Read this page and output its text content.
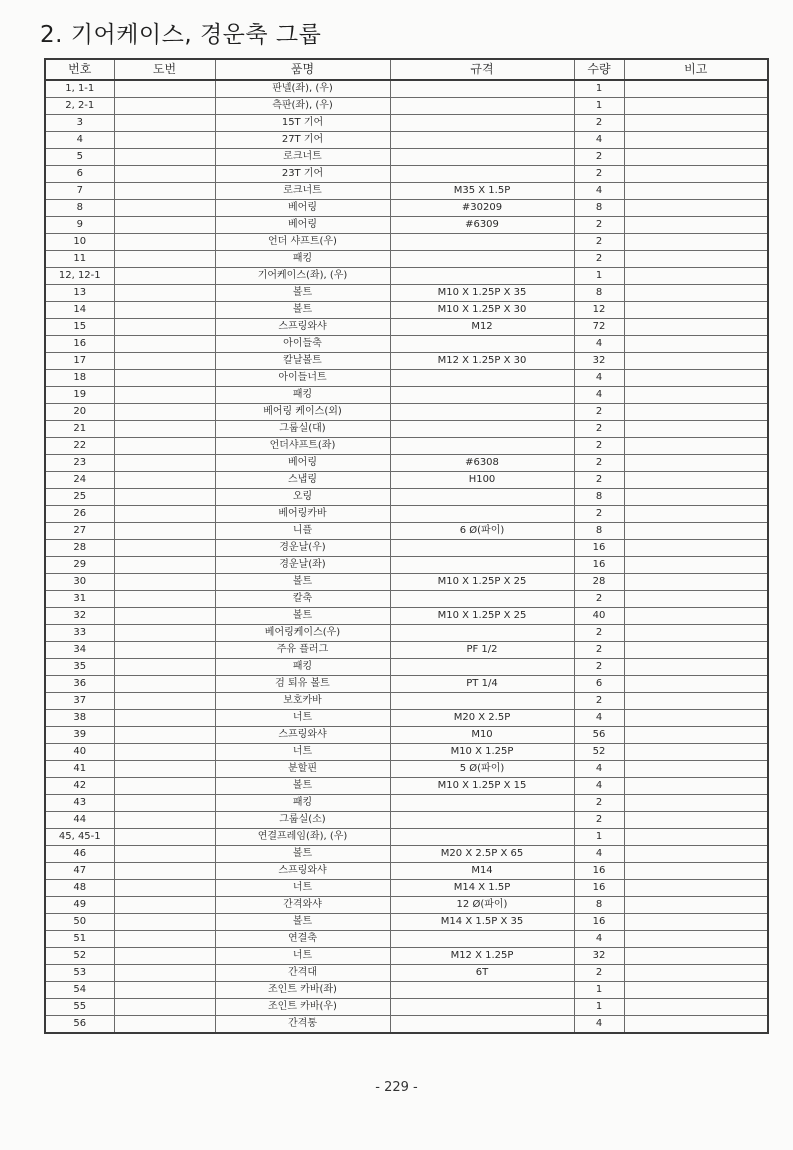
2. 기어케이스, 경운축 그룹
번호	도번	품명	규격	수량	비고
1, 1-1		판넬(좌), (우)		1	
2, 2-1		측판(좌), (우)		1	
3		15T 기어		2	
4		27T 기어		4	
5		로크너트		2	
6		23T 기어		2	
7		로크너트	M35 X 1.5P	4	
8		베어링	#30209	8	
9		베어링	#6309	2	
10		언더 샤프트(우)		2	
11		패킹		2	
12, 12-1		기어케이스(좌), (우)		1	
13		볼트	M10 X 1.25P X 35	8	
14		볼트	M10 X 1.25P X 30	12	
15		스프링와샤	M12	72	
16		아이들축		4	
17		칼날볼트	M12 X 1.25P X 30	32	
18		아이들너트		4	
19		패킹		4	
20		베어링 케이스(외)		2	
21		그룹실(대)		2	
22		언더샤프트(좌)		2	
23		베어링	#6308	2	
24		스냅링	H100	2	
25		오링		8	
26		베어링카바		2	
27		니플	6 Ø(파이)	8	
28		경운날(우)		16	
29		경운날(좌)		16	
30		볼트	M10 X 1.25P X 25	28	
31		칼축		2	
32		볼트	M10 X 1.25P X 25	40	
33		베어링케이스(우)		2	
34		주유 플러그	PF 1/2	2	
35		패킹		2	
36		검 퇴유 볼트	PT 1/4	6	
37		보호카바		2	
38		너트	M20 X 2.5P	4	
39		스프링와샤	M10	56	
40		너트	M10 X 1.25P	52	
41		분할핀	5 Ø(파이)	4	
42		볼트	M10 X 1.25P X 15	4	
43		패킹		2	
44		그룹실(소)		2	
45, 45-1		연결프레임(좌), (우)		1	
46		볼트	M20 X 2.5P X 65	4	
47		스프링와샤	M14	16	
48		너트	M14 X 1.5P	16	
49		간격와샤	12 Ø(파이)	8	
50		볼트	M14 X 1.5P X 35	16	
51		연결축		4	
52		너트	M12 X 1.25P	32	
53		간격대	6T	2	
54		조인트 카바(좌)		1	
55		조인트 카바(우)		1	
56		간격통		4	
- 229 -
